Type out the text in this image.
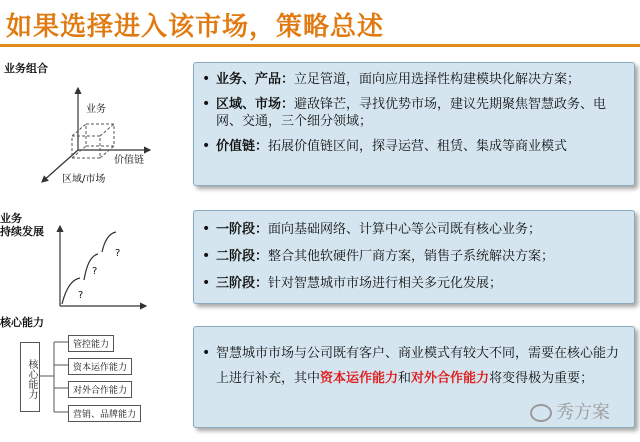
如果选择进入该市场，策略总述
业务组合
业务
价值链
区域/市场
• 业务、产品：立足管道，面向应用选择性构建模块化解决方案；
• 区域、市场：避敌锋芒，寻找优势市场，建议先期聚焦智慧政务、电网、交通，三个细分领域；
• 价值链：拓展价值链区间，探寻运营、租赁、集成等商业模式
业务
持续发展
?
?
?
• 一阶段：面向基础网络、计算中心等公司既有核心业务；
• 二阶段：整合其他软硬件厂商方案，销售子系统解决方案；
• 三阶段：针对智慧城市市场进行相关多元化发展；
核心能力
核心能力
管控能力
资本运作能力
对外合作能力
营销、品牌能力
• 智慧城市市场与公司既有客户、商业模式有较大不同，需要在核心能力上进行补充，其中资本运作能力和对外合作能力将变得极为重要；
秀方案
